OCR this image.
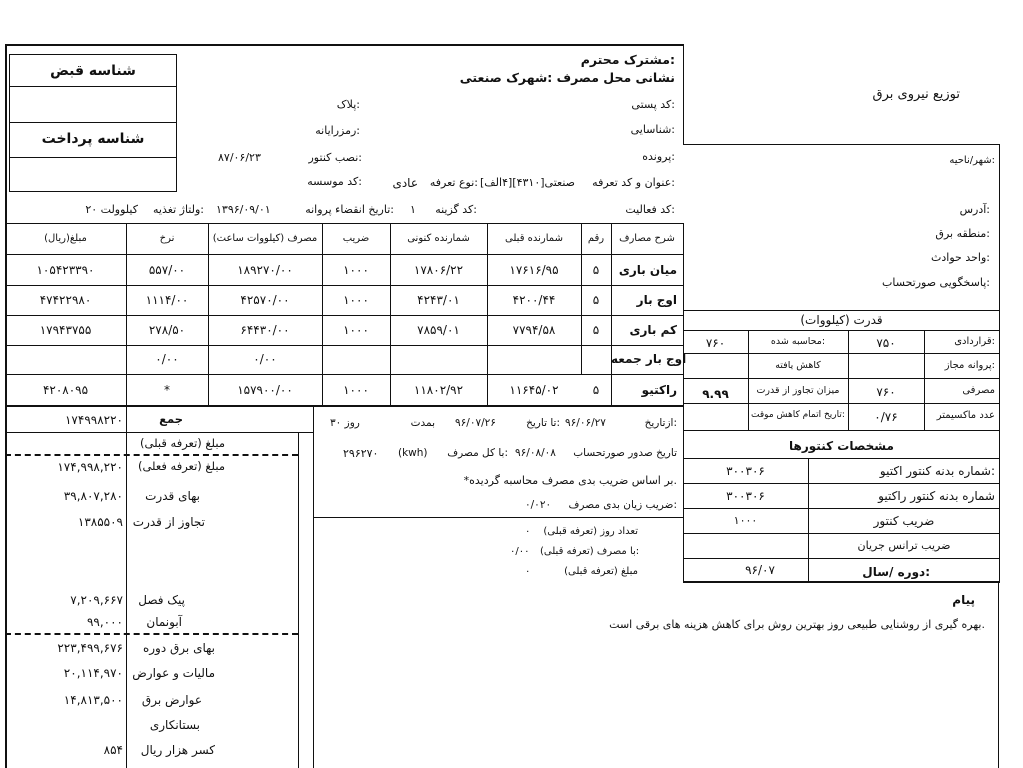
توزیع نیروی برق
شناسه قبض
شناسه پرداخت
مشترک محترم:
نشانی محل مصرف :شهرک صنعتی
کد پستی:
شناسایی:
پرونده:
عنوان و کد تعرفه:
صنعتی[۴۳۱۰][۴الف]
نوع تعرفه:
عادی
کد فعالیت:
پلاک:
رمزرایانه:
نصب کنتور:
۸۷/۰۶/۲۳
کد موسسه:
کد گزینه:
۱
تاریخ انقضاء پروانه:
۱۳۹۶/۰۹/۰۱
ولتاژ تغذیه:
۲۰ کیلوولت
شهر/ناحیه:
آدرس:
منطقه برق:
واحد حوادث:
پاسخگویی صورتحساب:
شرح مصارف
رقم
شمارنده قبلی
شمارنده کنونی
ضریب
مصرف (کیلووات ساعت)
نرخ
مبلغ(ریال)
میان باری
۵
۱۷۶۱۶/۹۵
۱۷۸۰۶/۲۲
۱۰۰۰
۱۸۹۲۷۰/۰۰
۵۵۷/۰۰
۱۰۵۴۲۳۳۹۰
اوج بار
۵
۴۲۰۰/۴۴
۴۲۴۳/۰۱
۱۰۰۰
۴۲۵۷۰/۰۰
۱۱۱۴/۰۰
۴۷۴۲۲۹۸۰
کم باری
۵
۷۷۹۴/۵۸
۷۸۵۹/۰۱
۱۰۰۰
۶۴۴۳۰/۰۰
۲۷۸/۵۰
۱۷۹۴۳۷۵۵
اوج بار جمعه
۰/۰۰
۰/۰۰
راکتیو
۵
۱۱۶۴۵/۰۲
۱۱۸۰۲/۹۲
۱۰۰۰
۱۵۷۹۰۰/۰۰
*
۴۲۰۸۰۹۵
قدرت (کیلووات)
قراردادی:
۷۵۰
محاسبه شده:
۷۶۰
پروانه مجاز:
کاهش یافته
مصرفی
۷۶۰
میزان تجاوز از قدرت
۹.۹۹
عدد ماکسیمتر
۰/۷۶
تاریخ اتمام کاهش موقت:
ازتاریخ:
۹۶/۰۶/۲۷
تا تاریخ:
۹۶/۰۷/۲۶
بمدت
۳۰ روز
تاریخ صدور صورتحساب
۹۶/۰۸/۰۸
با کل مصرف:
(kwh)
۲۹۶۲۷۰
*بر اساس ضریب بدی مصرف محاسبه گردیده.
ضریب زیان بدی مصرف:
۰/۰۲۰
تعداد روز (تعرفه قبلی)
۰
با مصرف (تعرفه قبلی):
۰/۰۰
مبلغ (تعرفه قبلی)
۰
مشخصات کنتورها
شماره بدنه کنتور اکتیو:
۳۰۰۳۰۶
شماره بدنه کنتور راکتیو
۳۰۰۳۰۶
ضریب کنتور
۱۰۰۰
ضریب ترانس جریان
دوره /سال:
۹۶/۰۷
جمع
۱۷۴۹۹۸۲۲۰
مبلغ (تعرفه قبلی)
مبلغ (تعرفه فعلی)
۱۷۴,۹۹۸,۲۲۰
بهای قدرت
۳۹,۸۰۷,۲۸۰
تجاوز از قدرت
۱۳۸۵۵۰۹
پیک فصل
۷,۲۰۹,۶۶۷
آبونمان
۹۹,۰۰۰
بهای برق دوره
۲۲۳,۴۹۹,۶۷۶
مالیات و عوارض
۲۰,۱۱۴,۹۷۰
عوارض برق
۱۴,۸۱۳,۵۰۰
بستانکاری
کسر هزار ریال
۸۵۴
پیام
بهره گیری از روشنایی طبیعی روز بهترین روش برای کاهش هزینه های برقی است.
